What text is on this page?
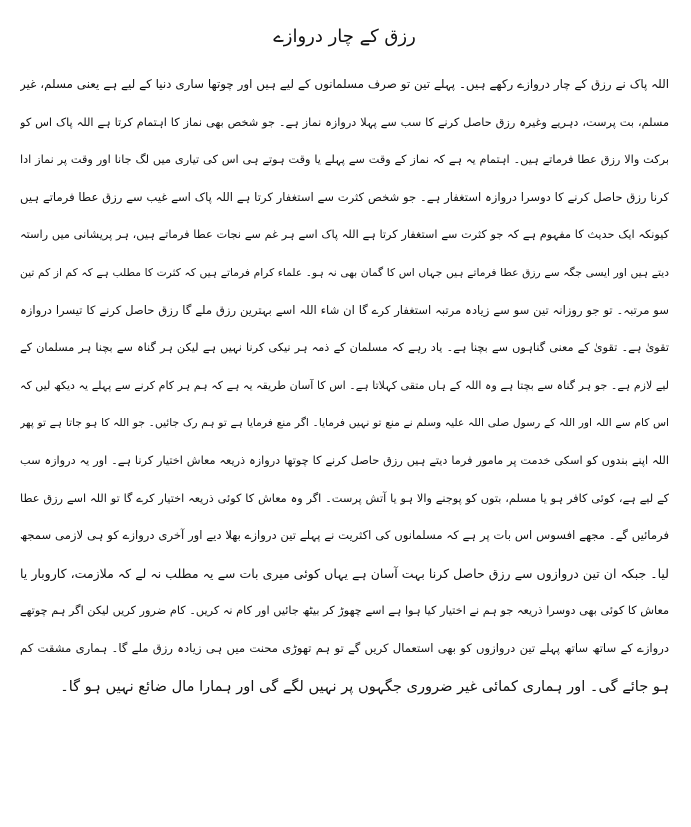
رزق کے چار دروازے
اللہ پاک نے رزق کے چار دروازے رکھے ہیں۔ پہلے تین تو صرف مسلمانوں کے لیے ہیں اور چوتھا ساری دنیا کے لیے ہے یعنی مسلم، غیر
مسلم، بت پرست، دہریے وغیرہ رزق حاصل کرنے کا سب سے پہلا دروازہ نماز ہے۔ جو شخص بھی نماز کا اہتمام کرتا ہے اللہ پاک اس کو
برکت والا رزق عطا فرماتے ہیں۔ اہتمام یہ ہے کہ نماز کے وقت سے پہلے یا وقت ہوتے ہی اس کی تیاری میں لگ جانا اور وقت پر نماز ادا
کرنا رزق حاصل کرنے کا دوسرا دروازہ استغفار ہے۔ جو شخص کثرت سے استغفار کرتا ہے اللہ پاک اسے غیب سے رزق عطا فرماتے ہیں
کیونکہ ایک حدیث کا مفہوم ہے کہ جو کثرت سے استغفار کرتا ہے اللہ پاک اسے ہر غم سے نجات عطا فرماتے ہیں، ہر پریشانی میں راستہ
دیتے ہیں اور ایسی جگہ سے رزق عطا فرماتے ہیں جہاں اس کا گمان بھی نہ ہو۔ علماء کرام فرماتے ہیں کہ کثرت کا مطلب ہے کہ کم از کم تین
سو مرتبہ۔ تو جو روزانہ تین سو سے زیادہ مرتبہ استغفار کرے گا ان شاء اللہ اسے بہترین رزق ملے گا رزق حاصل کرنے کا تیسرا دروازہ
تقویٰ ہے۔ تقویٰ کے معنی گناہوں سے بچنا ہے۔ یاد رہے کہ مسلمان کے ذمہ ہر نیکی کرنا نہیں ہے لیکن ہر گناہ سے بچنا ہر مسلمان کے
لیے لازم ہے۔ جو ہر گناہ سے بچتا ہے وہ اللہ کے ہاں متقی کہلاتا ہے۔ اس کا آسان طریقہ یہ ہے کہ ہم ہر کام کرنے سے پہلے یہ دیکھ لیں کہ
اس کام سے اللہ اور اللہ کے رسول صلی اللہ علیہ وسلم نے منع تو نہیں فرمایا۔ اگر منع فرمایا ہے تو ہم رک جائیں۔ جو اللہ کا ہو جاتا ہے تو پھر
اللہ اپنے بندوں کو اسکی خدمت پر مامور فرما دیتے ہیں رزق حاصل کرنے کا چوتھا دروازہ ذریعہ معاش اختیار کرنا ہے۔ اور یہ دروازہ سب
کے لیے ہے، کوئی کافر ہو یا مسلم، بتوں کو پوجنے والا ہو یا آتش پرست۔ اگر وہ معاش کا کوئی ذریعہ اختیار کرے گا تو اللہ اسے رزق عطا
فرمائیں گے۔ مجھے افسوس اس بات پر ہے کہ مسلمانوں کی اکثریت نے پہلے تین دروازے بھلا دیے اور آخری دروازے کو ہی لازمی سمجھ
لیا۔ جبکہ ان تین دروازوں سے رزق حاصل کرنا بہت آسان ہے یہاں کوئی میری بات سے یہ مطلب نہ لے کہ ملازمت، کاروبار یا
معاش کا کوئی بھی دوسرا ذریعہ جو ہم نے اختیار کیا ہوا ہے اسے چھوڑ کر بیٹھ جائیں اور کام نہ کریں۔ کام ضرور کریں لیکن اگر ہم چوتھے
دروازے کے ساتھ ساتھ پہلے تین دروازوں کو بھی استعمال کریں گے تو ہم تھوڑی محنت میں ہی زیادہ رزق ملے گا۔ ہماری مشقت کم
ہو جائے گی۔ اور ہماری کمائی غیر ضروری جگہوں پر نہیں لگے گی اور ہمارا مال ضائع نہیں ہو گا۔
